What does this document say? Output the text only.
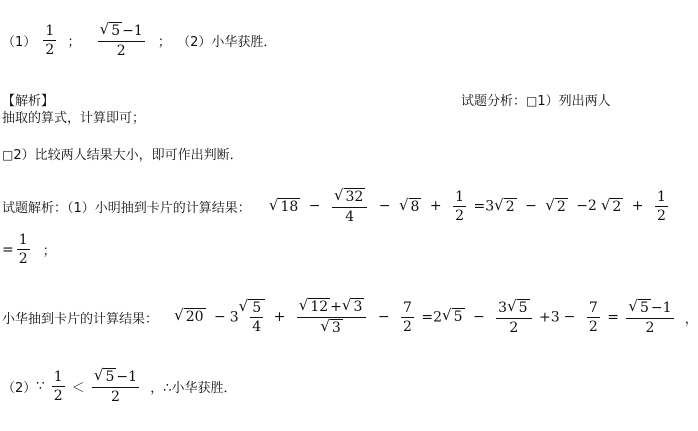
$(1) \frac{1}{2}$ ； $\frac{√ 5 -1}{2}$ ； （2）小华获胜．
【解析】	试题分析：□1）列出两人
抽取的算式，计算即可；
□2）比较两人结果大小，即可作出判断．
试题解析：（1）小明抽到卡片的计算结果： √ $18 - \frac{√ 32}{4}$ − √ $8 + \frac{1}{2} =3$ √ 2 − √ 2 −2 √ $2 + \frac{1}{2}$
= $\frac{1}{2}$ ；
小华抽到卡片的计算结果： √ 20 − 3
√ $\frac{5}{4} + \frac{√ 12 + √ 3}{√ 3} - \frac{7}{2} =2$ √ $5 - \frac{3 √ 5}{2} +3 - \frac{7}{2} = \frac{√ 5 -1}{2}$ ，
（2）∵ $\frac{1}{2} < \frac{√ 5 -1}{2}$ ，∴小华获胜．
